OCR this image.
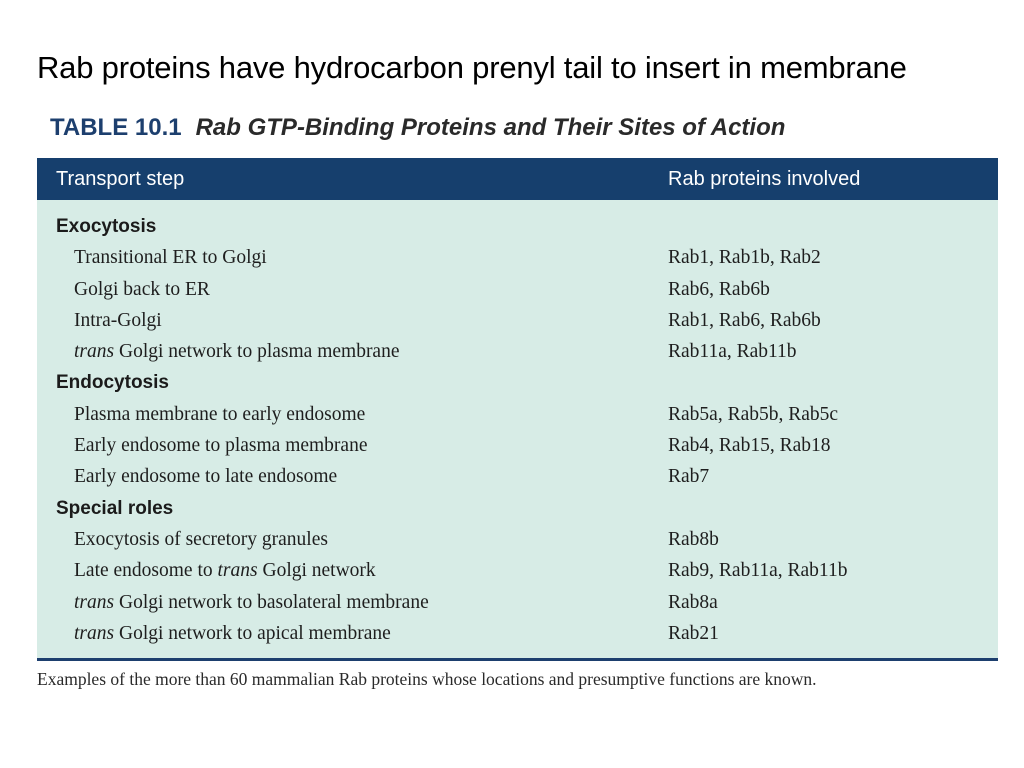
Rab proteins have hydrocarbon prenyl tail to insert in membrane
TABLE 10.1 Rab GTP-Binding Proteins and Their Sites of Action
Transport step	Rab proteins involved
Exocytosis
Transitional ER to Golgi	Rab1, Rab1b, Rab2
Golgi back to ER	Rab6, Rab6b
Intra-Golgi	Rab1, Rab6, Rab6b
trans Golgi network to plasma membrane	Rab11a, Rab11b
Endocytosis
Plasma membrane to early endosome	Rab5a, Rab5b, Rab5c
Early endosome to plasma membrane	Rab4, Rab15, Rab18
Early endosome to late endosome	Rab7
Special roles
Exocytosis of secretory granules	Rab8b
Late endosome to trans Golgi network	Rab9, Rab11a, Rab11b
trans Golgi network to basolateral membrane	Rab8a
trans Golgi network to apical membrane	Rab21
Examples of the more than 60 mammalian Rab proteins whose locations and presumptive functions are known.
